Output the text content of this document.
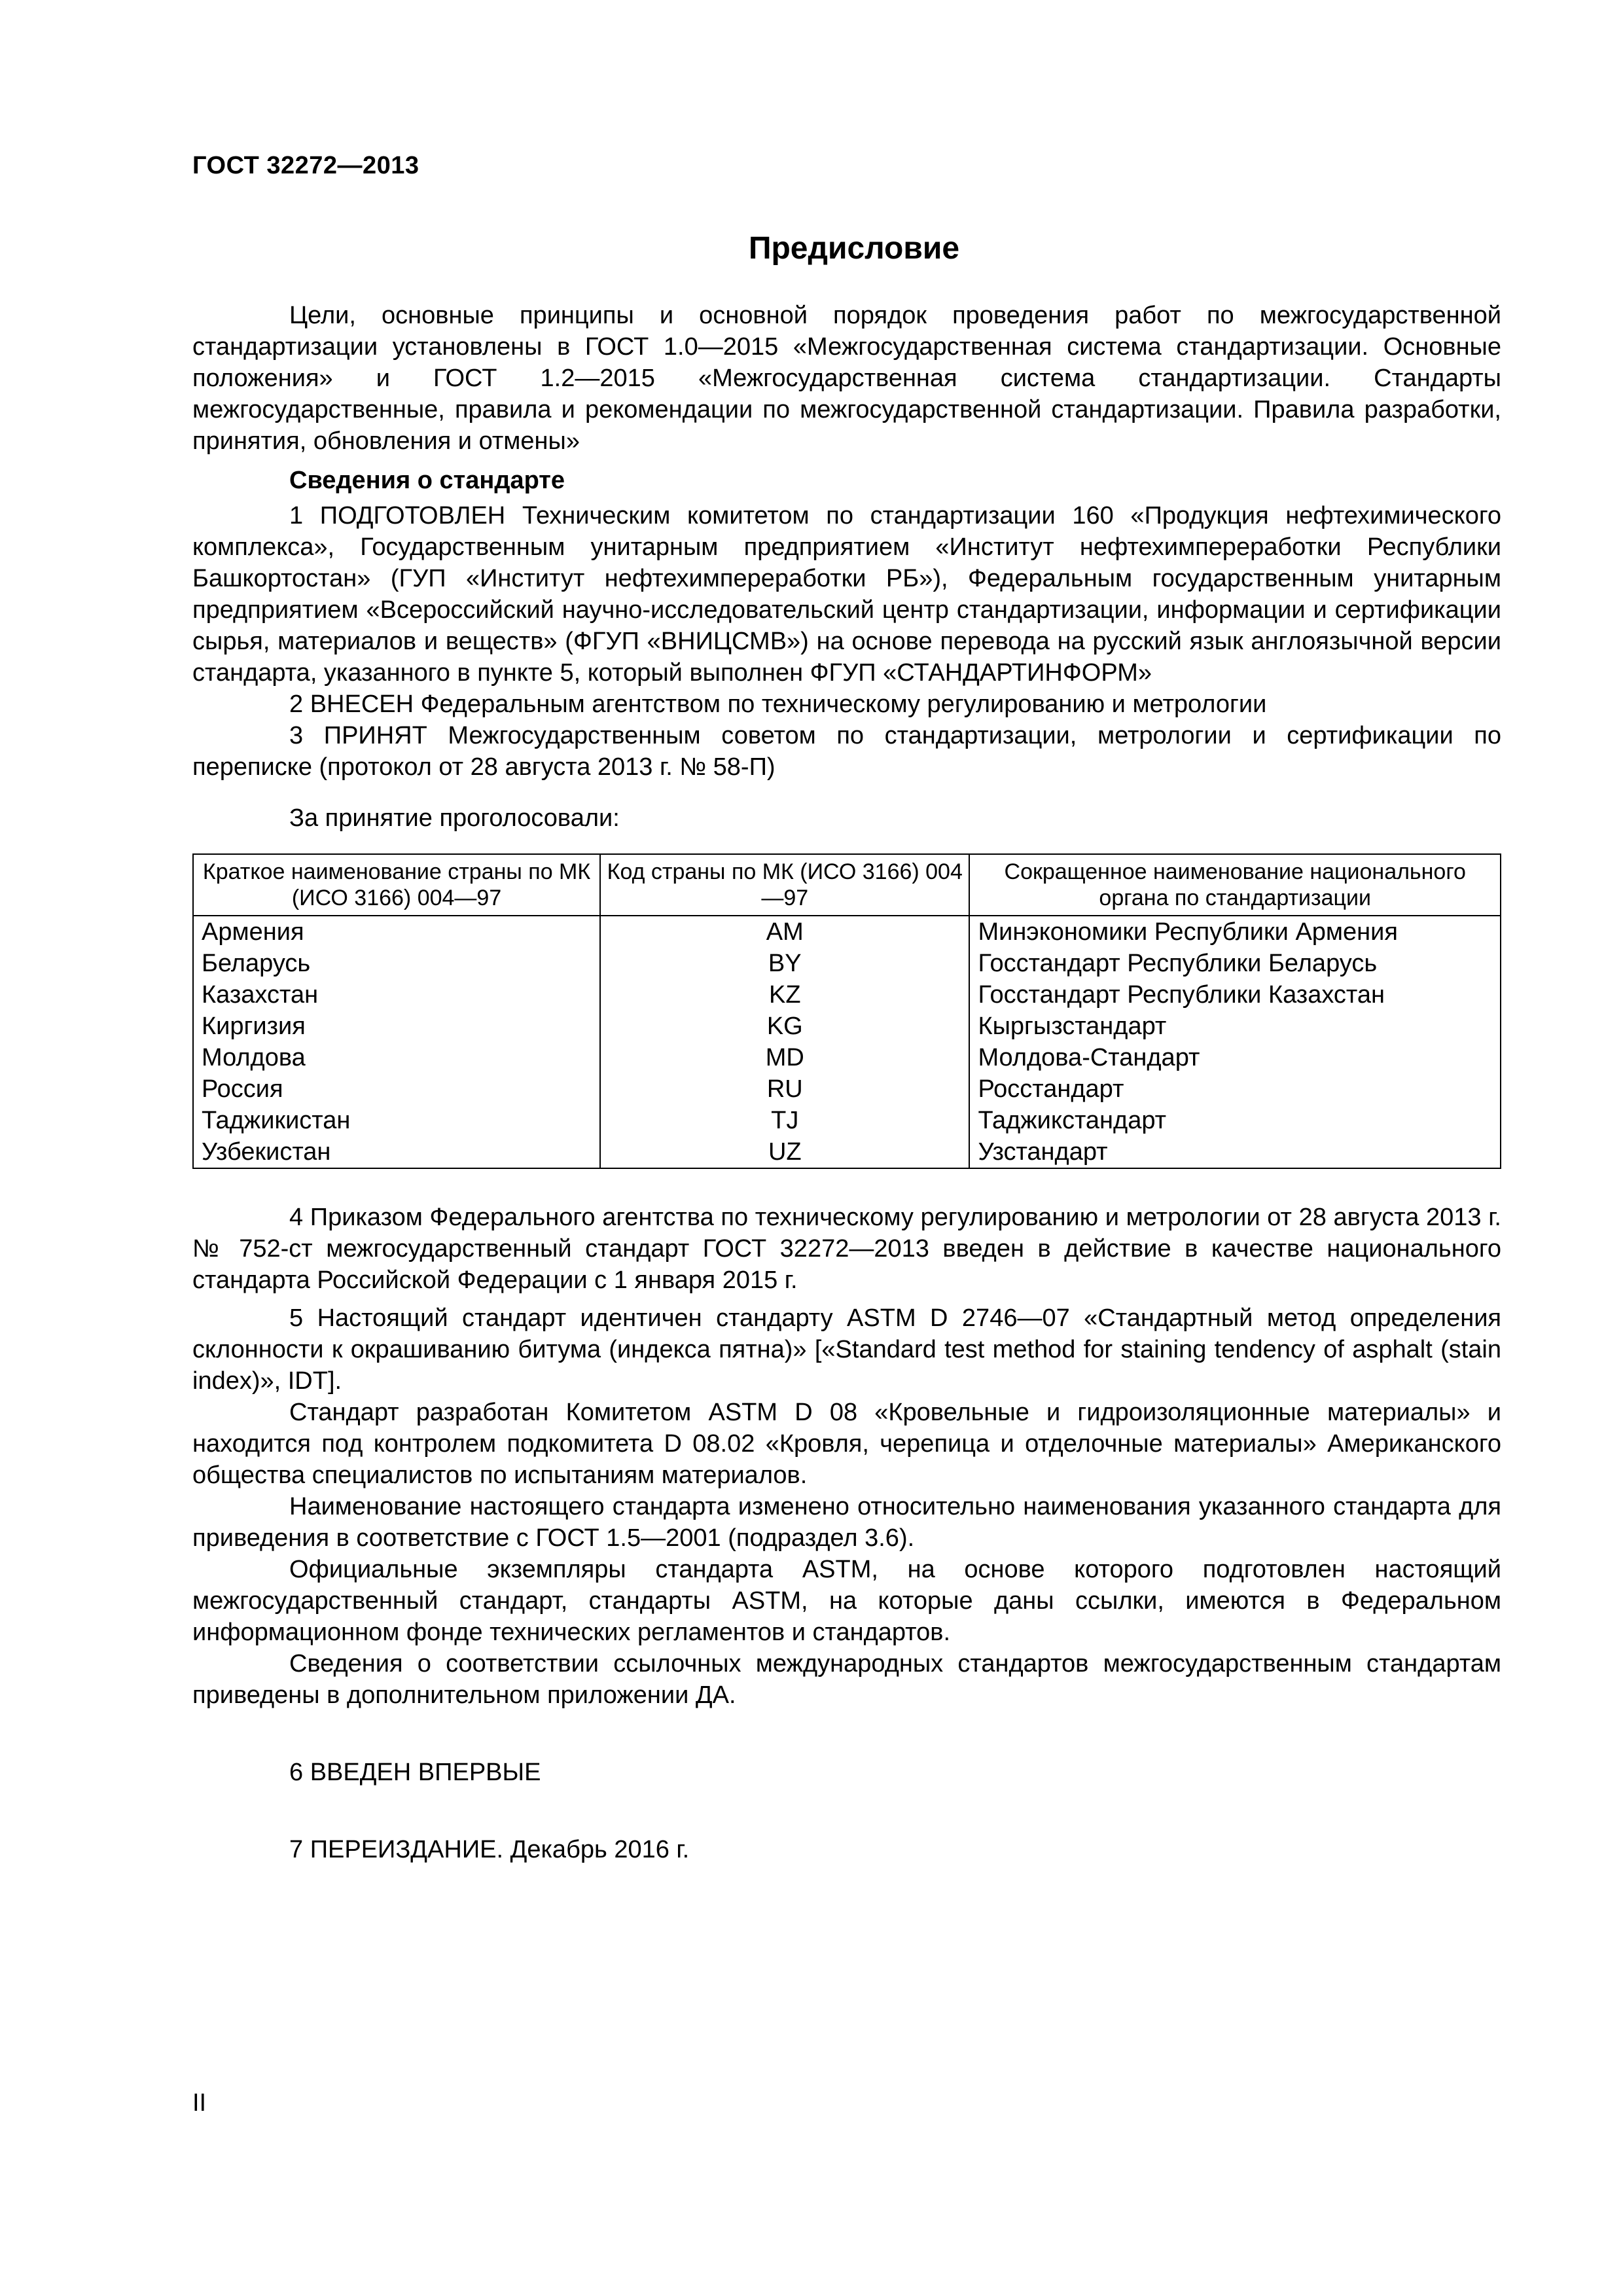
ГОСТ 32272—2013
Предисловие

Цели, основные принципы и основной порядок проведения работ по межгосударственной стандартизации установлены в ГОСТ 1.0—2015 «Межгосударственная система стандартизации. Основные положения» и ГОСТ 1.2—2015 «Межгосударственная система стандартизации. Стандарты межгосударственные, правила и рекомендации по межгосударственной стандартизации. Правила разработки, принятия, обновления и отмены»

Сведения о стандарте

1 ПОДГОТОВЛЕН Техническим комитетом по стандартизации 160 «Продукция нефтехимического комплекса», Государственным унитарным предприятием «Институт нефтехимпереработки Республики Башкортостан» (ГУП «Институт нефтехимпереработки РБ»), Федеральным государственным унитарным предприятием «Всероссийский научно-исследовательский центр стандартизации, информации и сертификации сырья, материалов и веществ» (ФГУП «ВНИЦСМВ») на основе перевода на русский язык англоязычной версии стандарта, указанного в пункте 5, который выполнен ФГУП «СТАНДАРТИНФОРМ»

2 ВНЕСЕН Федеральным агентством по техническому регулированию и метрологии

3 ПРИНЯТ Межгосударственным советом по стандартизации, метрологии и сертификации по переписке (протокол от 28 августа 2013 г. № 58-П)

За принятие проголосовали:

Краткое наименование страны по МК (ИСО 3166) 004—97	Код страны по МК (ИСО 3166) 004—97	Сокращенное наименование национального органа по стандартизации
Армения	AM	Минэкономики Республики Армения
Беларусь	BY	Госстандарт Республики Беларусь
Казахстан	KZ	Госстандарт Республики Казахстан
Киргизия	KG	Кыргызстандарт
Молдова	MD	Молдова-Стандарт
Россия	RU	Росстандарт
Таджикистан	TJ	Таджикстандарт
Узбекистан	UZ	Узстандарт

4 Приказом Федерального агентства по техническому регулированию и метрологии от 28 августа 2013 г. № 752-ст межгосударственный стандарт ГОСТ 32272—2013 введен в действие в качестве национального стандарта Российской Федерации с 1 января 2015 г.

5 Настоящий стандарт идентичен стандарту ASTM D 2746—07 «Стандартный метод определения склонности к окрашиванию битума (индекса пятна)» [«Standard test method for staining tendency of asphalt (stain index)», IDT].

Стандарт разработан Комитетом ASTM D 08 «Кровельные и гидроизоляционные материалы» и находится под контролем подкомитета D 08.02 «Кровля, черепица и отделочные материалы» Американского общества специалистов по испытаниям материалов.

Наименование настоящего стандарта изменено относительно наименования указанного стандарта для приведения в соответствие с ГОСТ 1.5—2001 (подраздел 3.6).

Официальные экземпляры стандарта ASTM, на основе которого подготовлен настоящий межгосударственный стандарт, стандарты ASTM, на которые даны ссылки, имеются в Федеральном информационном фонде технических регламентов и стандартов.

Сведения о соответствии ссылочных международных стандартов межгосударственным стандартам приведены в дополнительном приложении ДА.

6 ВВЕДЕН ВПЕРВЫЕ

7 ПЕРЕИЗДАНИЕ. Декабрь 2016 г.

II
